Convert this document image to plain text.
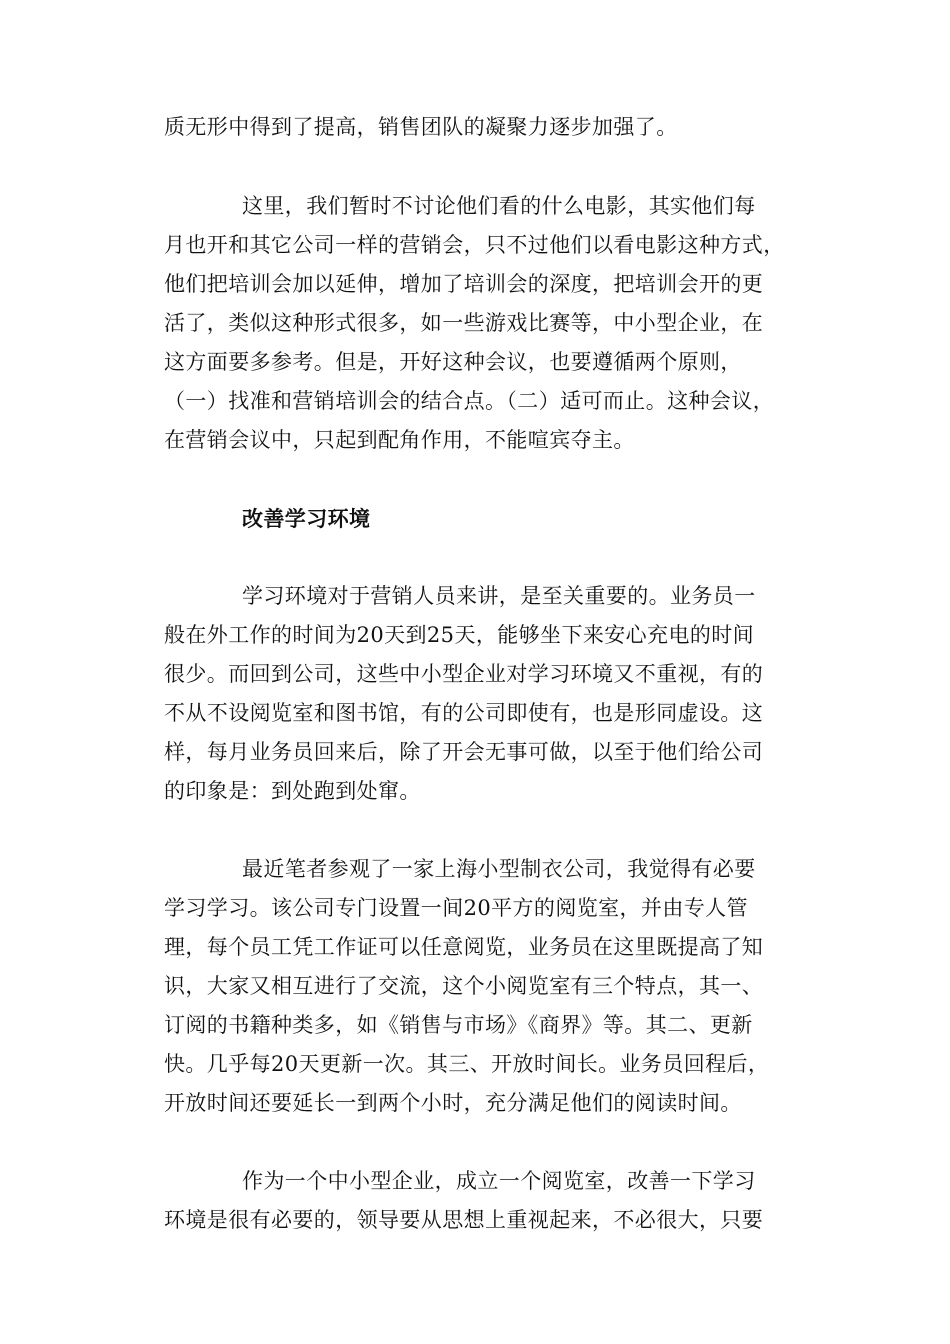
质无形中得到了提高，销售团队的凝聚力逐步加强了。
这里，我们暂时不讨论他们看的什么电影，其实他们每
月也开和其它公司一样的营销会，只不过他们以看电影这种方式，
他们把培训会加以延伸，增加了培训会的深度，把培训会开的更
活了，类似这种形式很多，如一些游戏比赛等，中小型企业，在
这方面要多参考。但是，开好这种会议，也要遵循两个原则，
（一）找准和营销培训会的结合点。（二）适可而止。这种会议，
在营销会议中，只起到配角作用，不能喧宾夺主。
改善学习环境
学习环境对于营销人员来讲，是至关重要的。业务员一
般在外工作的时间为20天到25天，能够坐下来安心充电的时间
很少。而回到公司，这些中小型企业对学习环境又不重视，有的
不从不设阅览室和图书馆，有的公司即使有，也是形同虚设。这
样，每月业务员回来后，除了开会无事可做，以至于他们给公司
的印象是：到处跑到处窜。
最近笔者参观了一家上海小型制衣公司，我觉得有必要
学习学习。该公司专门设置一间20平方的阅览室，并由专人管
理，每个员工凭工作证可以任意阅览，业务员在这里既提高了知
识，大家又相互进行了交流，这个小阅览室有三个特点，其一、
订阅的书籍种类多，如《销售与市场》《商界》等。其二、更新
快。几乎每20天更新一次。其三、开放时间长。业务员回程后，
开放时间还要延长一到两个小时，充分满足他们的阅读时间。
作为一个中小型企业，成立一个阅览室，改善一下学习
环境是很有必要的，领导要从思想上重视起来，不必很大，只要
